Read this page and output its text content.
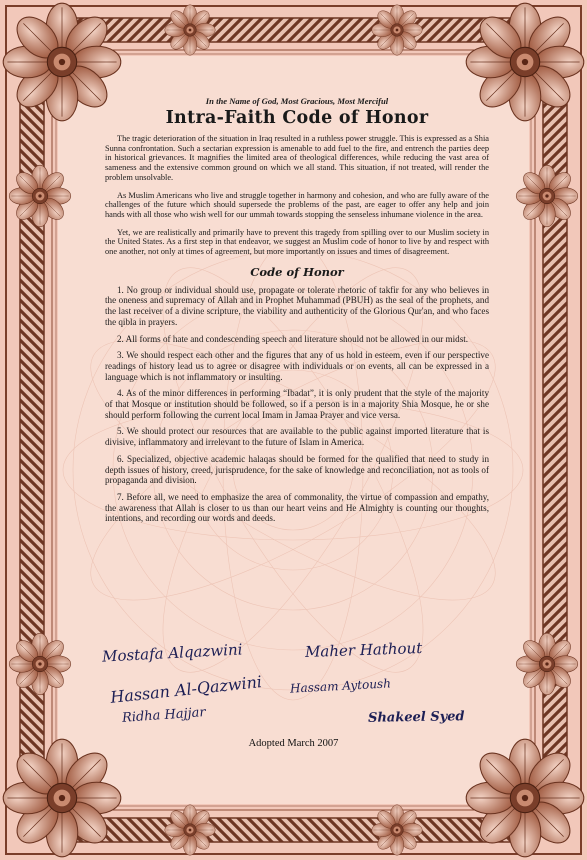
In the Name of God, Most Gracious, Most Merciful
Intra-Faith Code of Honor

The tragic deterioration of the situation in Iraq resulted in a ruthless power struggle. This is expressed as a Shia Sunna confrontation. Such a sectarian expression is amenable to add fuel to the fire, and entrench the parties deep in historical grievances. It magnifies the limited area of theological differences, while reducing the vast area of sameness and the extensive common ground on which we all stand. This situation, if not treated, will render the problem unsolvable.

As Muslim Americans who live and struggle together in harmony and cohesion, and who are fully aware of the challenges of the future which should supersede the problems of the past, are eager to offer any help and join hands with all those who wish well for our ummah towards stopping the senseless inhumane violence in the area.

Yet, we are realistically and primarily have to prevent this tragedy from spilling over to our Muslim society in the United States. As a first step in that endeavor, we suggest an Muslim code of honor to live by and respect with one another, not only at times of agreement, but more importantly on issues and times of disagreement.

Code of Honor

1. No group or individual should use, propagate or tolerate rhetoric of takfir for any who believes in the oneness and supremacy of Allah and in Prophet Muhammad (PBUH) as the seal of the prophets, and the last receiver of a divine scripture, the viability and authenticity of the Glorious Qur'an, and who faces the qibla in prayers.

2. All forms of hate and condescending speech and literature should not be allowed in our midst.

3. We should respect each other and the figures that any of us hold in esteem, even if our perspective readings of history lead us to agree or disagree with individuals or on events, all can be expressed in a language which is not inflammatory or insulting.

4. As of the minor differences in performing “Ibadat”, it is only prudent that the style of the majority of that Mosque or institution should be followed, so if a person is in a majority Shia Mosque, he or she should perform following the current local Imam in Jamaa Prayer and vice versa.

5. We should protect our resources that are available to the public against imported literature that is divisive, inflammatory and irrelevant to the future of Islam in America.

6. Specialized, objective academic halaqas should be formed for the qualified that need to study in depth issues of history, creed, jurisprudence, for the sake of knowledge and reconciliation, not as tools of propaganda and division.

7. Before all, we need to emphasize the area of commonality, the virtue of compassion and empathy, the awareness that Allah is closer to us than our heart veins and He Almighty is counting our thoughts, intentions, and recording our words and deeds.

Mostafa Alqazwini	Maher Hathout
Hassan Al-Qazwini Hassam Aytoush
Ridha Hajjar	Shakeel Syed
Adopted March 2007
